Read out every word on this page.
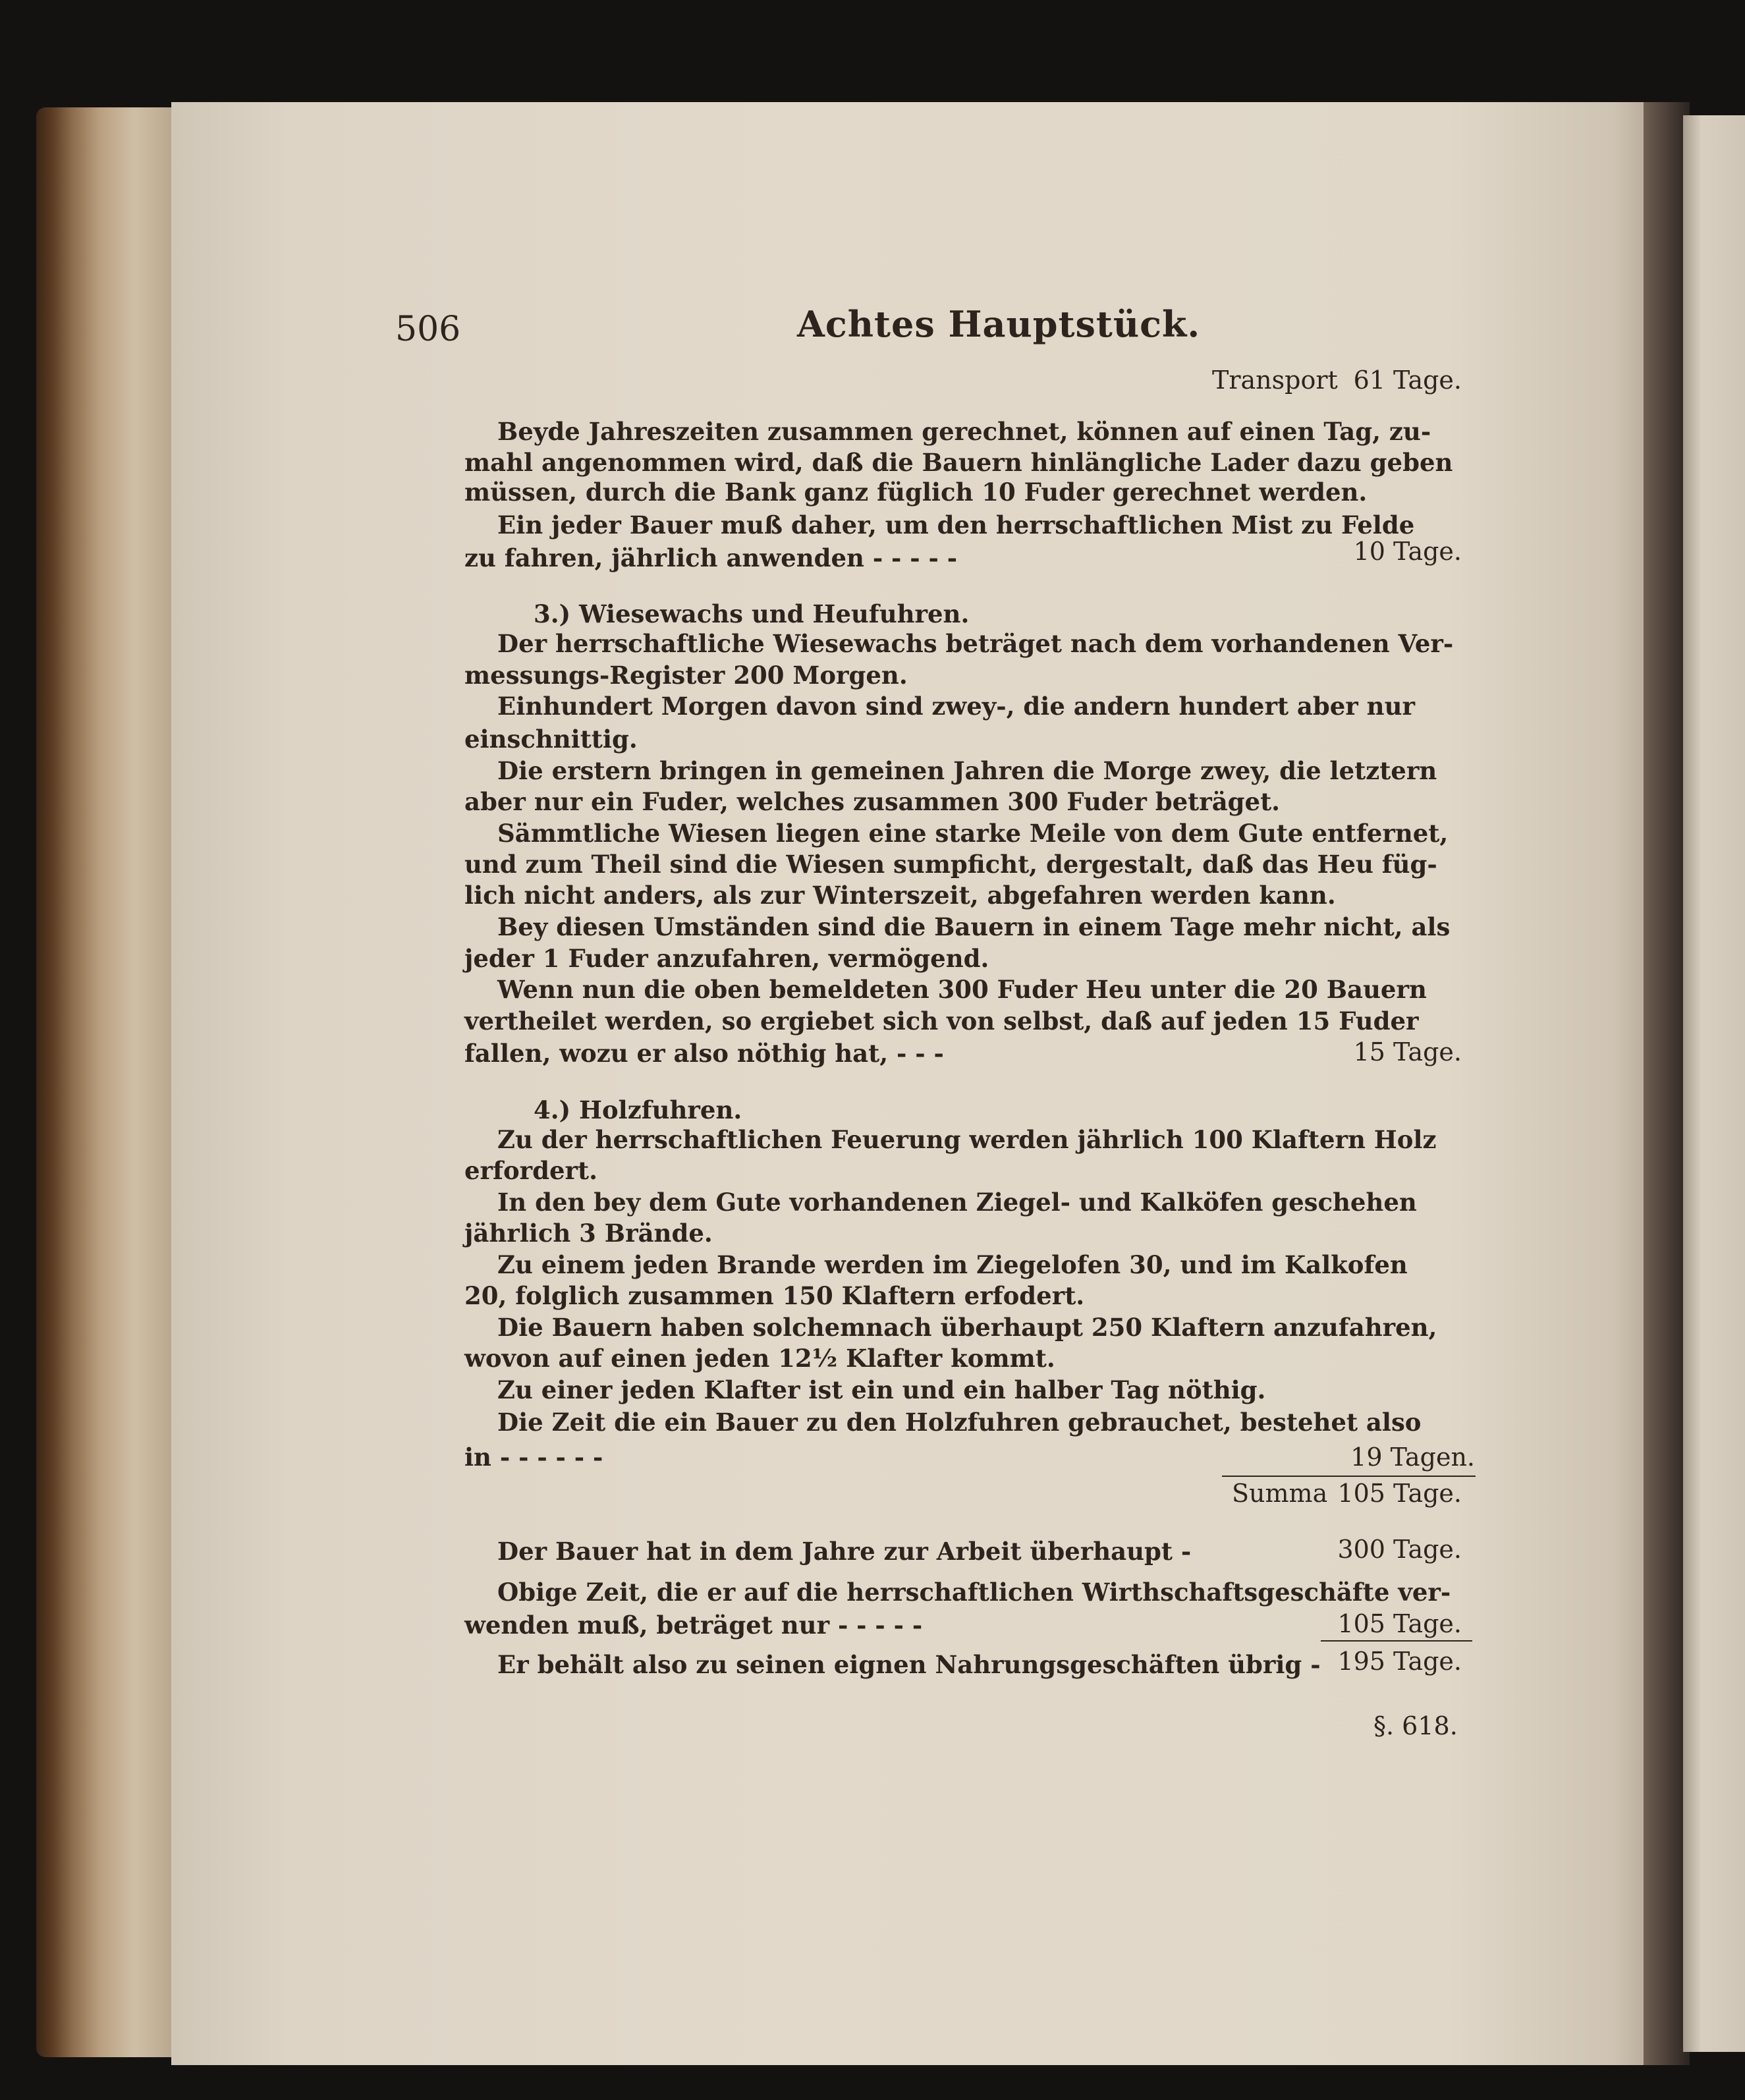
506	Achtes Hauptstück.
Transport 61 Tage.
Beyde Jahreszeiten zusammen gerechnet, können auf einen Tag, zu-
mahl angenommen wird, daß die Bauern hinlängliche Lader dazu geben
müssen, durch die Bank ganz füglich 10 Fuder gerechnet werden.
Ein jeder Bauer muß daher, um den herrschaftlichen Mist zu Felde
zu fahren, jährlich anwenden - - - - -
3.) Wiesewachs und Heufuhren.
Der herrschaftliche Wiesewachs beträget nach dem vorhandenen Ver-
messungs-Register 200 Morgen.
Einhundert Morgen davon sind zwey-, die andern hundert aber nur
einschnittig.
Die erstern bringen in gemeinen Jahren die Morge zwey, die letztern
aber nur ein Fuder, welches zusammen 300 Fuder beträget.
Sämmtliche Wiesen liegen eine starke Meile von dem Gute entfernet,
und zum Theil sind die Wiesen sumpficht, dergestalt, daß das Heu füg-
lich nicht anders, als zur Winterszeit, abgefahren werden kann.
Bey diesen Umständen sind die Bauern in einem Tage mehr nicht, als
jeder 1 Fuder anzufahren, vermögend.
Wenn nun die oben bemeldeten 300 Fuder Heu unter die 20 Bauern
vertheilet werden, so ergiebet sich von selbst, daß auf jeden 15 Fuder
fallen, wozu er also nöthig hat, - - -
4.) Holzfuhren.
Zu der herrschaftlichen Feuerung werden jährlich 100 Klaftern Holz
erfordert.
In den bey dem Gute vorhandenen Ziegel- und Kalköfen geschehen
jährlich 3 Brände.
Zu einem jeden Brande werden im Ziegelofen 30, und im Kalkofen
20, folglich zusammen 150 Klaftern erfodert.
Die Bauern haben solchemnach überhaupt 250 Klaftern anzufahren,
wovon auf einen jeden 12½ Klafter kommt.
Zu einer jeden Klafter ist ein und ein halber Tag nöthig.
Die Zeit die ein Bauer zu den Holzfuhren gebrauchet, bestehet also
in - - - - - -
Der Bauer hat in dem Jahre zur Arbeit überhaupt -
Obige Zeit, die er auf die herrschaftlichen Wirthschaftsgeschäfte ver-
wenden muß, beträget nur - - - - -
Er behält also zu seinen eignen Nahrungsgeschäften übrig -
10 Tage.
15 Tage.
19 Tagen.
Summa 105 Tage.
300 Tage.
105 Tage.
195 Tage.
§. 618.
